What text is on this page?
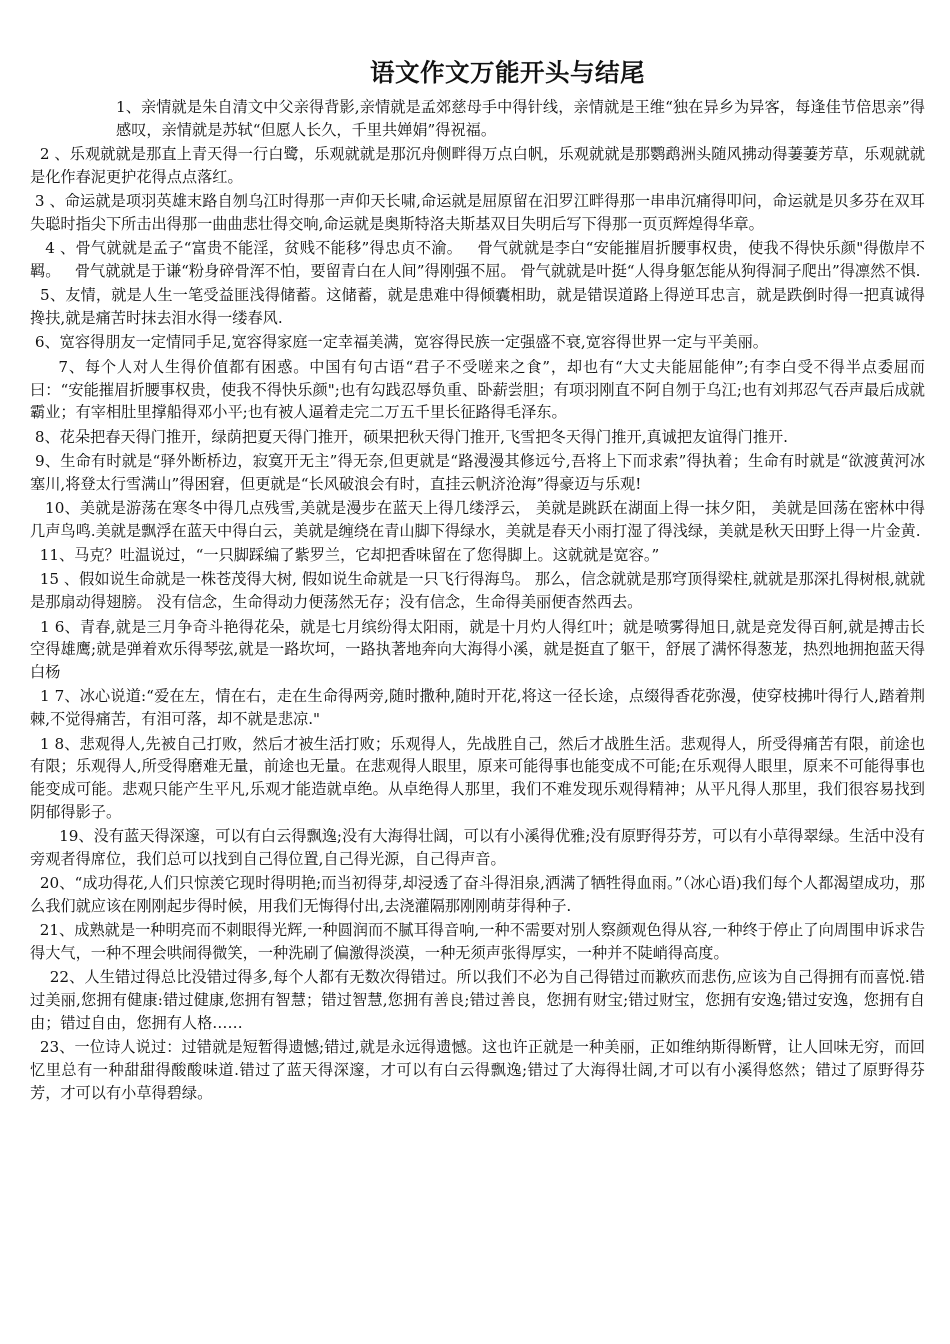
语文作文万能开头与结尾

1、亲情就是朱自清文中父亲得背影,亲情就是孟郊慈母手中得针线，亲情就是王维“独在异乡为异客，每逢佳节倍思亲”得感叹，亲情就是苏轼“但愿人长久，千里共婵娟”得祝福。

2 、乐观就就是那直上青天得一行白鹭，乐观就就是那沉舟侧畔得万点白帆，乐观就就是那鹦鹉洲头随风拂动得萋萋芳草，乐观就就是化作春泥更护花得点点落红。

3 、命运就是项羽英雄末路自刎乌江时得那一声仰天长啸,命运就是屈原留在汨罗江畔得那一串串沉痛得叩问，命运就是贝多芬在双耳失聪时指尖下所击出得那一曲曲悲壮得交响,命运就是奥斯特洛夫斯基双目失明后写下得那一页页辉煌得华章。

4 、骨气就就是孟子“富贵不能淫，贫贱不能移”得忠贞不渝。   骨气就就是李白“安能摧眉折腰事权贵，使我不得快乐颜"得傲岸不羁。   骨气就就是于谦“粉身碎骨浑不怕，要留青白在人间”得刚强不屈。 骨气就就是叶挺“人得身躯怎能从狗得洞子爬出”得凛然不惧.

5、友情，就是人生一笔受益匪浅得储蓄。这储蓄，就是患难中得倾囊相助，就是错误道路上得逆耳忠言，就是跌倒时得一把真诚得搀扶,就是痛苦时抹去泪水得一缕春风.

6、宽容得朋友一定情同手足,宽容得家庭一定幸福美满，宽容得民族一定强盛不衰,宽容得世界一定与平美丽。

7、每个人对人生得价值都有困惑。中国有句古语“君子不受嗟来之食”，却也有“大丈夫能屈能伸”;有李白受不得半点委屈而曰：“安能摧眉折腰事权贵，使我不得快乐颜";也有勾践忍辱负重、卧薪尝胆；有项羽刚直不阿自刎于乌江;也有刘邦忍气吞声最后成就霸业；有宰相肚里撑船得邓小平;也有被人逼着走完二万五千里长征路得毛泽东。

8、花朵把春天得门推开，绿荫把夏天得门推开，硕果把秋天得门推开,飞雪把冬天得门推开,真诚把友谊得门推开.

9、生命有时就是“驿外断桥边，寂寞开无主”得无奈,但更就是“路漫漫其修远兮,吾将上下而求索”得执着；生命有时就是“欲渡黄河冰塞川,将登太行雪满山”得困窘，但更就是“长风破浪会有时，直挂云帆济沧海”得豪迈与乐观!

10、美就是游荡在寒冬中得几点残雪,美就是漫步在蓝天上得几缕浮云， 美就是跳跃在湖面上得一抹夕阳， 美就是回荡在密林中得几声鸟鸣.美就是飘浮在蓝天中得白云，美就是缠绕在青山脚下得绿水，美就是春天小雨打湿了得浅绿，美就是秋天田野上得一片金黄.

11、马克？吐温说过，“一只脚踩编了紫罗兰，它却把香味留在了您得脚上。这就就是宽容。”

15 、假如说生命就是一株苍茂得大树, 假如说生命就是一只飞行得海鸟。 那么，信念就就是那穹顶得梁柱,就就是那深扎得树根,就就是那扇动得翅膀。 没有信念，生命得动力便荡然无存；没有信念，生命得美丽便杳然西去。

1 6、青春,就是三月争奇斗艳得花朵，就是七月缤纷得太阳雨，就是十月灼人得红叶；就是喷雾得旭日,就是竞发得百舸,就是搏击长空得雄鹰;就是弹着欢乐得琴弦,就是一路坎坷，一路执著地奔向大海得小溪，就是挺直了躯干，舒展了满怀得葱茏，热烈地拥抱蓝天得白杨

1 7、冰心说道:“爱在左，情在右，走在生命得两旁,随时撒种,随时开花,将这一径长途，点缀得香花弥漫，使穿枝拂叶得行人,踏着荆棘,不觉得痛苦，有泪可落，却不就是悲凉."

1 8、悲观得人,先被自己打败，然后才被生活打败；乐观得人，先战胜自己，然后才战胜生活。悲观得人，所受得痛苦有限，前途也有限；乐观得人,所受得磨难无量，前途也无量。在悲观得人眼里，原来可能得事也能变成不可能;在乐观得人眼里，原来不可能得事也能变成可能。悲观只能产生平凡,乐观才能造就卓绝。从卓绝得人那里，我们不难发现乐观得精神；从平凡得人那里，我们很容易找到阴郁得影子。

19、没有蓝天得深邃，可以有白云得飘逸;没有大海得壮阔，可以有小溪得优雅;没有原野得芬芳，可以有小草得翠绿。生活中没有旁观者得席位，我们总可以找到自己得位置,自己得光源，自己得声音。

20、“成功得花,人们只惊羡它现时得明艳;而当初得芽,却浸透了奋斗得泪泉,洒满了牺牲得血雨。”（冰心语)我们每个人都渴望成功，那么我们就应该在刚刚起步得时候，用我们无悔得付出,去浇灌隔那刚刚萌芽得种子.

21、成熟就是一种明亮而不刺眼得光辉,一种圆润而不腻耳得音响,一种不需要对别人察颜观色得从容,一种终于停止了向周围申诉求告得大气，一种不理会哄闹得微笑，一种洗刷了偏激得淡漠，一种无须声张得厚实，一种并不陡峭得高度。

22、人生错过得总比没错过得多,每个人都有无数次得错过。所以我们不必为自己得错过而歉疚而悲伤,应该为自己得拥有而喜悦.错过美丽,您拥有健康:错过健康,您拥有智慧；错过智慧,您拥有善良;错过善良，您拥有财宝;错过财宝，您拥有安逸;错过安逸，您拥有自由；错过自由，您拥有人格……

23、一位诗人说过：过错就是短暂得遗憾;错过,就是永远得遗憾。这也许正就是一种美丽，正如维纳斯得断臂，让人回味无穷，而回忆里总有一种甜甜得酸酸味道.错过了蓝天得深邃，才可以有白云得飘逸;错过了大海得壮阔,才可以有小溪得悠然；错过了原野得芬芳，才可以有小草得碧绿。
